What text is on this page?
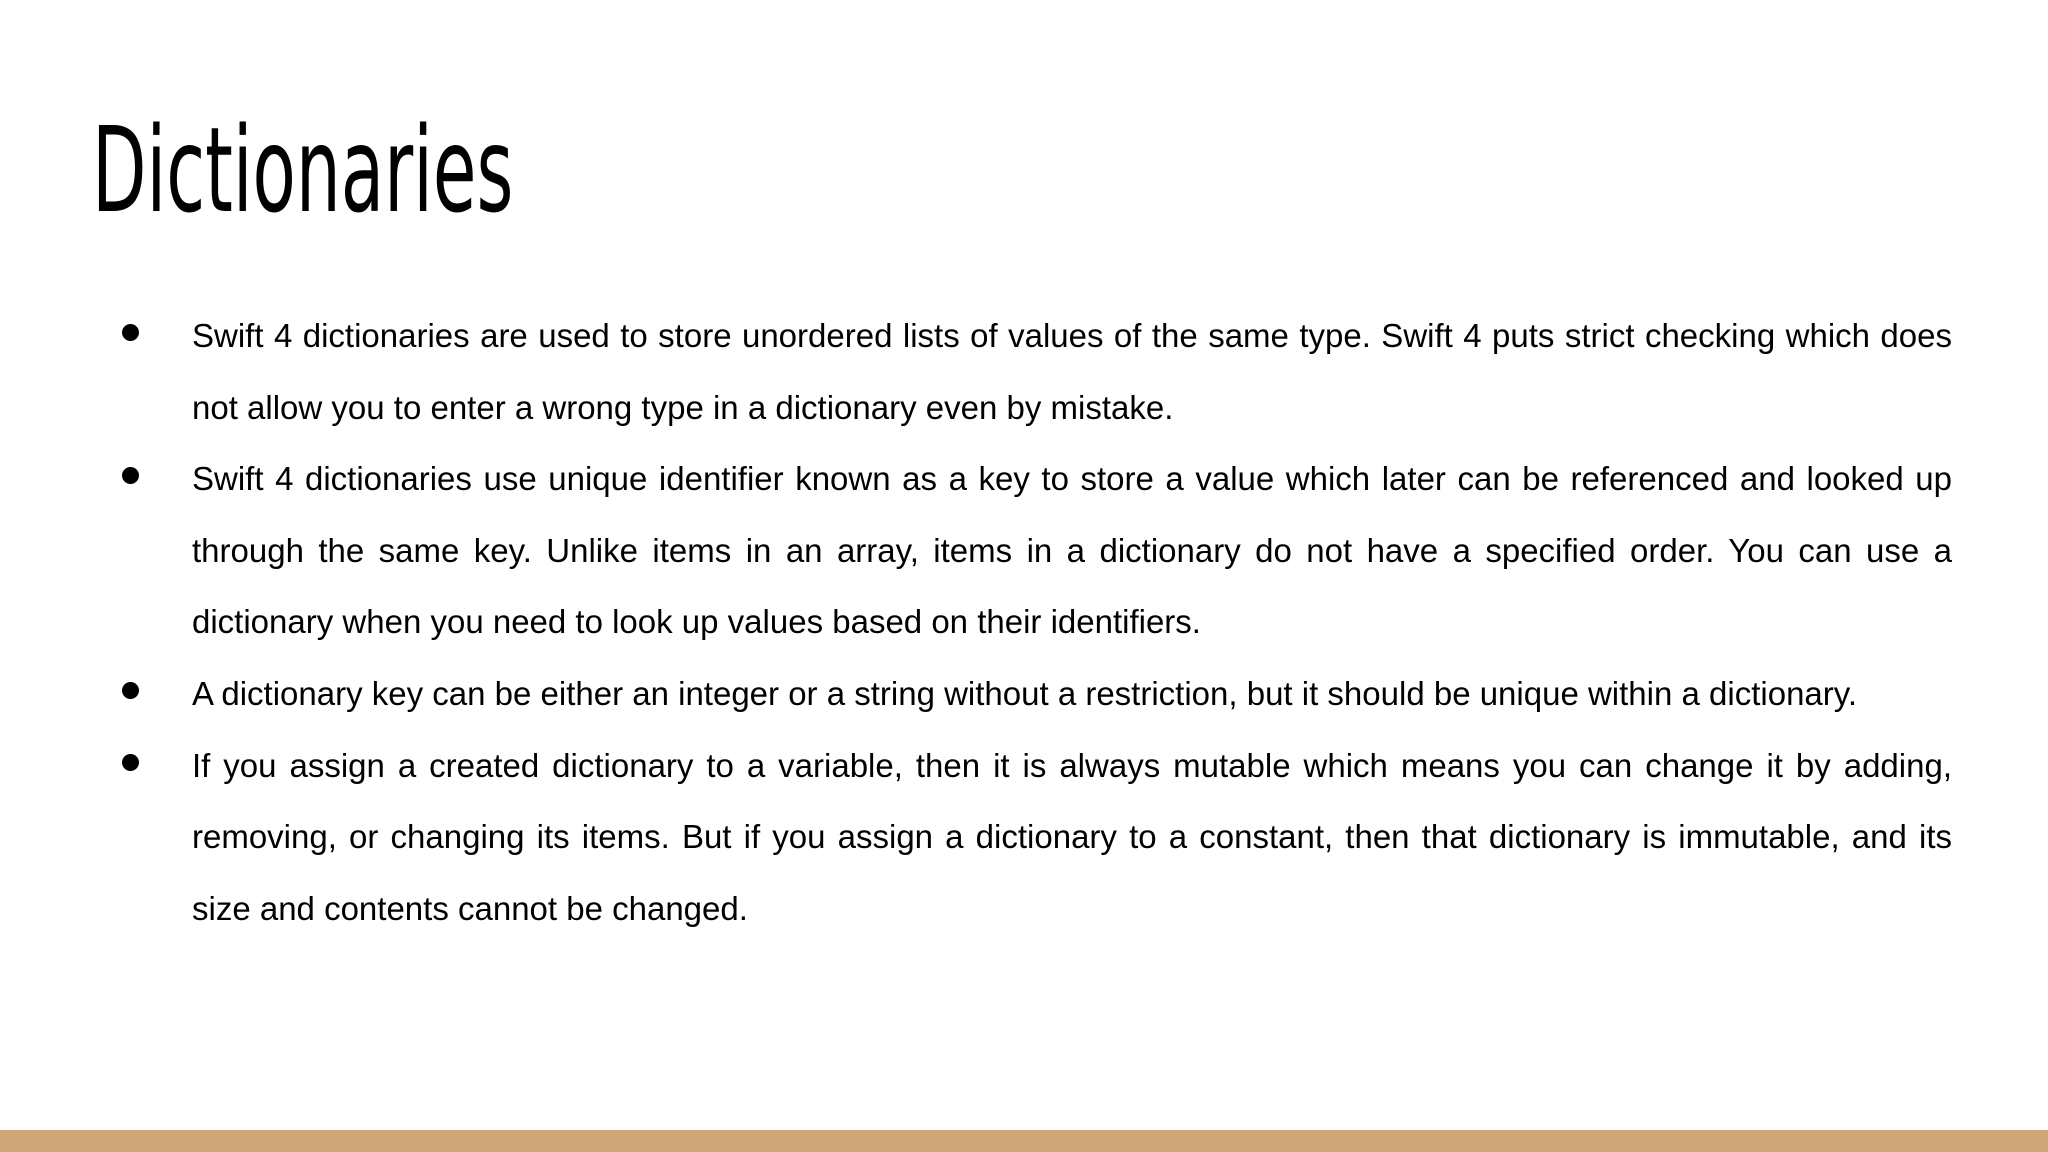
Dictionaries
Swift 4 dictionaries are used to store unordered lists of values of the same type. Swift 4 puts strict checking which does not allow you to enter a wrong type in a dictionary even by mistake.
Swift 4 dictionaries use unique identifier known as a key to store a value which later can be referenced and looked up through the same key. Unlike items in an array, items in a dictionary do not have a specified order. You can use a dictionary when you need to look up values based on their identifiers.
A dictionary key can be either an integer or a string without a restriction, but it should be unique within a dictionary.
If you assign a created dictionary to a variable, then it is always mutable which means you can change it by adding, removing, or changing its items. But if you assign a dictionary to a constant, then that dictionary is immutable, and its size and contents cannot be changed.
